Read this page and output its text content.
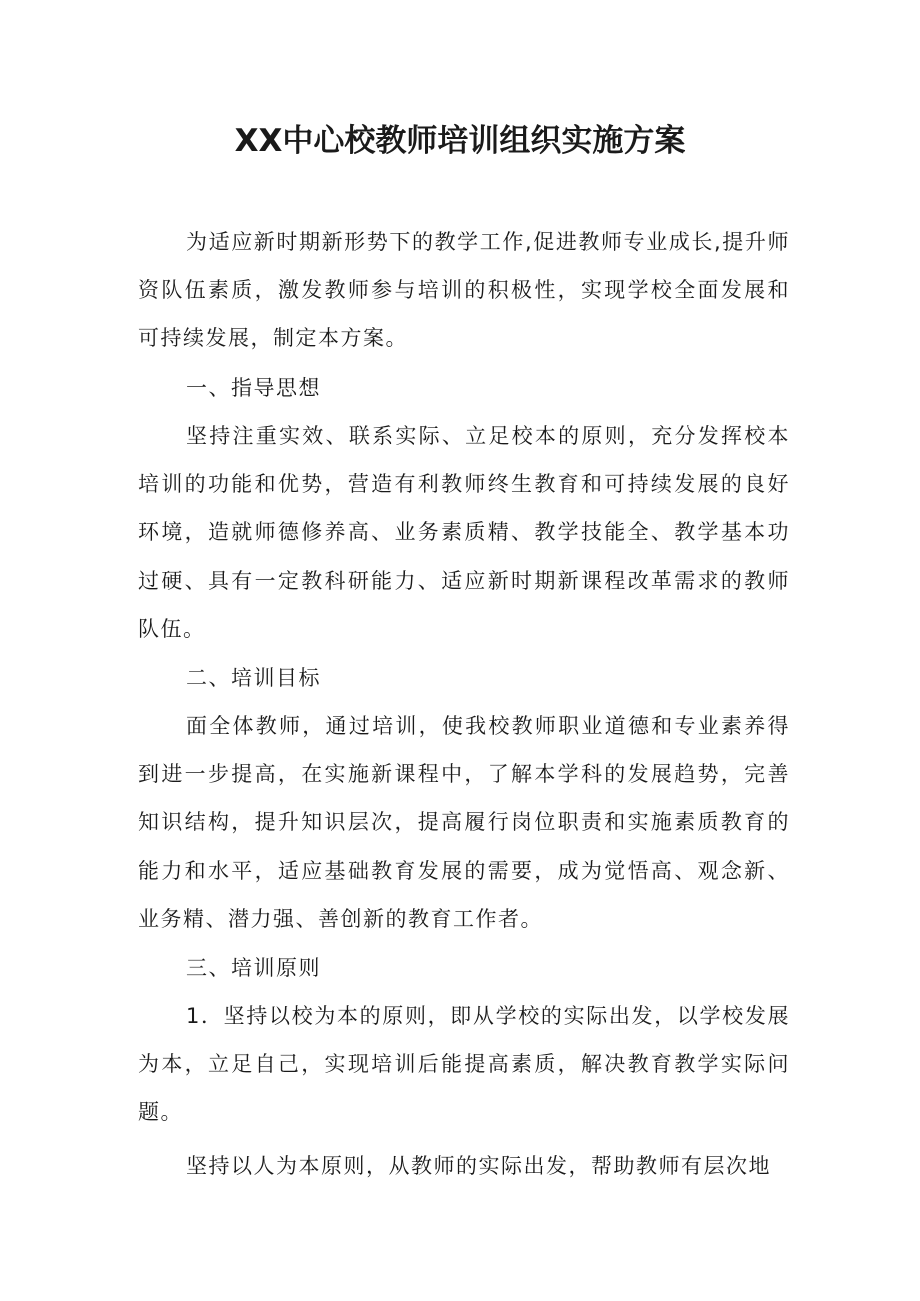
XX中心校教师培训组织实施方案

为适应新时期新形势下的教学工作,促进教师专业成长,提升师资队伍素质，激发教师参与培训的积极性，实现学校全面发展和可持续发展，制定本方案。

一、指导思想

坚持注重实效、联系实际、立足校本的原则，充分发挥校本培训的功能和优势，营造有利教师终生教育和可持续发展的良好环境，造就师德修养高、业务素质精、教学技能全、教学基本功过硬、具有一定教科研能力、适应新时期新课程改革需求的教师队伍。

二、培训目标

面全体教师，通过培训，使我校教师职业道德和专业素养得到进一步提高，在实施新课程中，了解本学科的发展趋势，完善知识结构，提升知识层次，提高履行岗位职责和实施素质教育的能力和水平，适应基础教育发展的需要，成为觉悟高、观念新、业务精、潜力强、善创新的教育工作者。

三、培训原则

1．坚持以校为本的原则，即从学校的实际出发，以学校发展为本，立足自己，实现培训后能提高素质，解决教育教学实际问题。

坚持以人为本原则，从教师的实际出发，帮助教师有层次地
